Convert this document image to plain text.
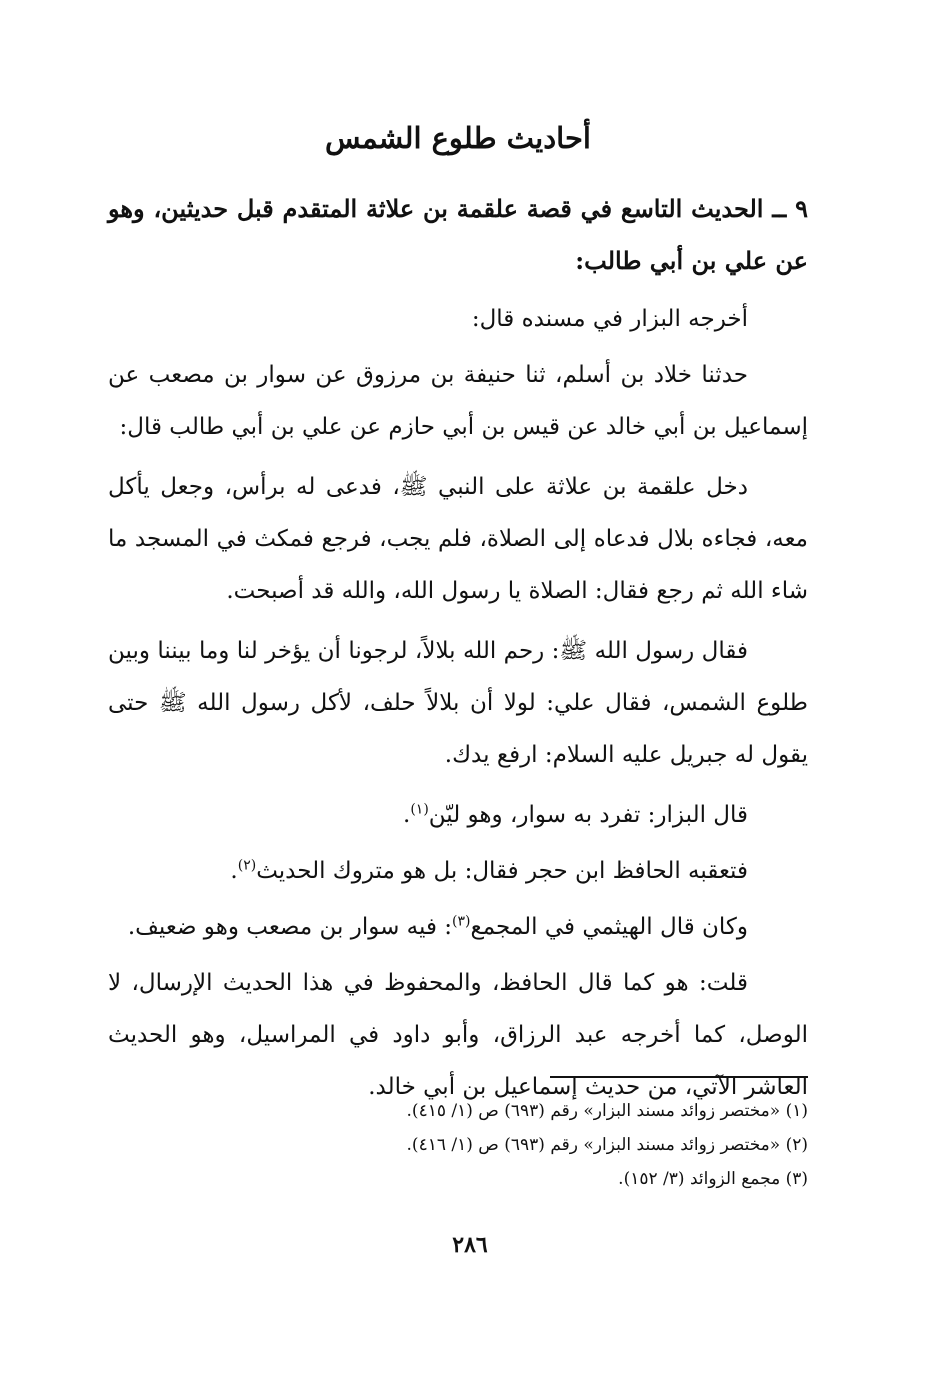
أحاديث طلوع الشمس
٩ ــ الحديث التاسع في قصة علقمة بن علاثة المتقدم قبل حديثين، وهو عن علي بن أبي طالب:

أخرجه البزار في مسنده قال:

حدثنا خلاد بن أسلم، ثنا حنيفة بن مرزوق عن سوار بن مصعب عن إسماعيل بن أبي خالد عن قيس بن أبي حازم عن علي بن أبي طالب قال:

دخل علقمة بن علاثة على النبي ﷺ، فدعى له برأس، وجعل يأكل معه، فجاءه بلال فدعاه إلى الصلاة، فلم يجب، فرجع فمكث في المسجد ما شاء الله ثم رجع فقال: الصلاة يا رسول الله، والله قد أصبحت.

فقال رسول الله ﷺ: رحم الله بلالاً، لرجونا أن يؤخر لنا وما بيننا وبين طلوع الشمس، فقال علي: لولا أن بلالاً حلف، لأكل رسول الله ﷺ حتى يقول له جبريل عليه السلام: ارفع يدك.

قال البزار: تفرد به سوار، وهو ليّن$^{(١)}$.

فتعقبه الحافظ ابن حجر فقال: بل هو متروك الحديث$^{(٢)}$.

وكان قال الهيثمي في المجمع$^{(٣)}$: فيه سوار بن مصعب وهو ضعيف.

قلت: هو كما قال الحافظ، والمحفوظ في هذا الحديث الإرسال، لا الوصل، كما أخرجه عبد الرزاق، وأبو داود في المراسيل، وهو الحديث العاشر الآتي، من حديث إسماعيل بن أبي خالد.

(١) «مختصر زوائد مسند البزار» رقم (٦٩٣) ص (١/ ٤١٥).

(٢) «مختصر زوائد مسند البزار» رقم (٦٩٣) ص (١/ ٤١٦).

(٣) مجمع الزوائد (٣/ ١٥٢).

٢٨٦
